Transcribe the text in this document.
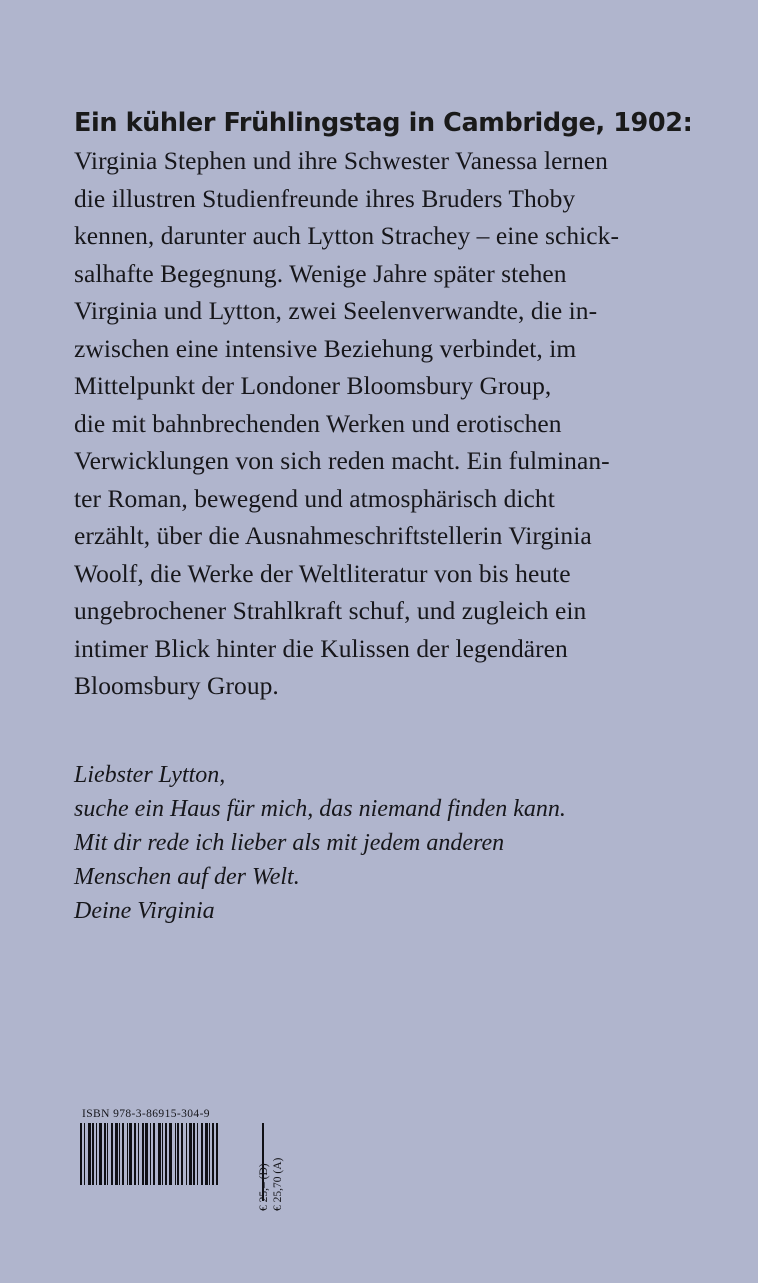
Ein kühler Frühlingstag in Cambridge, 1902:

Virginia Stephen und ihre Schwester Vanessa lernen
die illustren Studienfreunde ihres Bruders Thoby
kennen, darunter auch Lytton Strachey – eine schick-
salhafte Begegnung. Wenige Jahre später stehen
Virginia und Lytton, zwei Seelenverwandte, die in-
zwischen eine intensive Beziehung verbindet, im
Mittelpunkt der Londoner Bloomsbury Group,
die mit bahnbrechenden Werken und erotischen
Verwicklungen von sich reden macht. Ein fulminan-
ter Roman, bewegend und atmosphärisch dicht
erzählt, über die Ausnahmeschriftstellerin Virginia
Woolf, die Werke der Weltliteratur von bis heute
ungebrochener Strahlkraft schuf, und zugleich ein
intimer Blick hinter die Kulissen der legendären
Bloomsbury Group.
Liebster Lytton,
suche ein Haus für mich, das niemand finden kann.
Mit dir rede ich lieber als mit jedem anderen
Menschen auf der Welt.
Deine Virginia

ISBN 978-3-86915-304-9

€ 25,– (D) € 25,70 (A)
